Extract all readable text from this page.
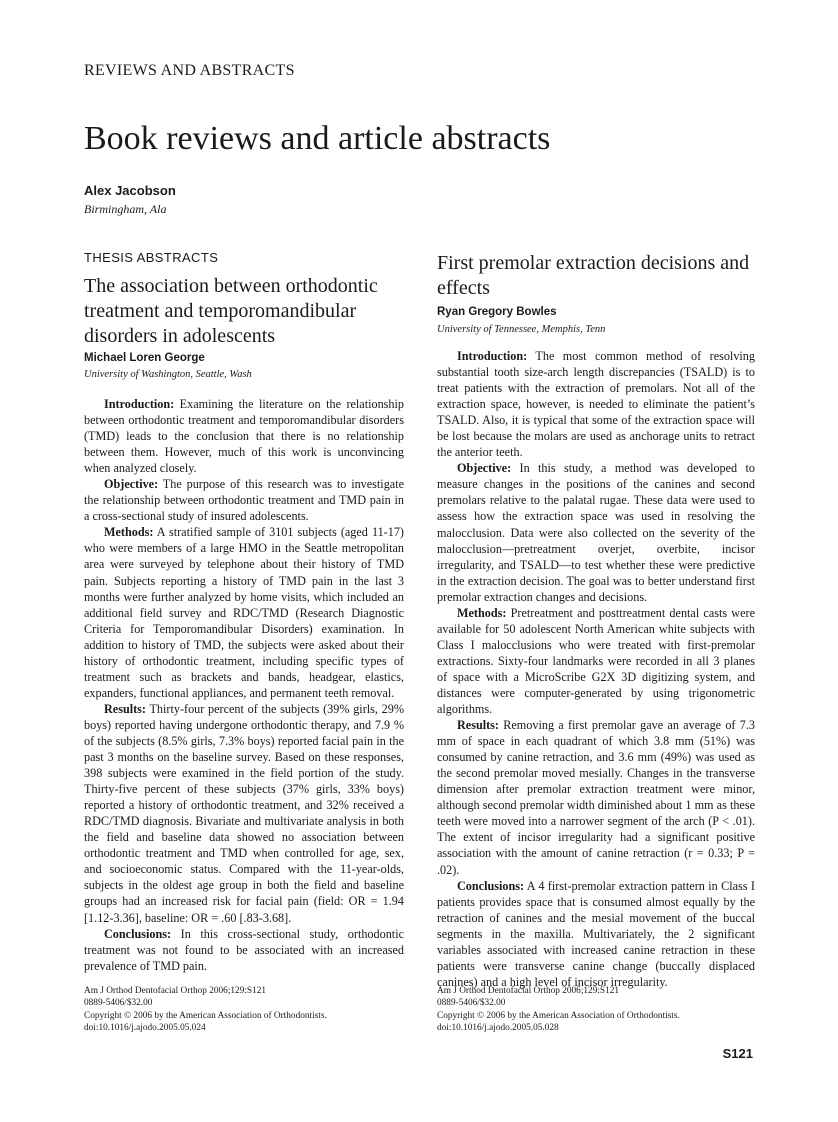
REVIEWS AND ABSTRACTS
Book reviews and article abstracts
Alex Jacobson
Birmingham, Ala
THESIS ABSTRACTS
The association between orthodontic treatment and temporomandibular disorders in adolescents
Michael Loren George
University of Washington, Seattle, Wash

Introduction: Examining the literature on the relationship between orthodontic treatment and temporomandibular disorders (TMD) leads to the conclusion that there is no relationship between them. However, much of this work is unconvincing when analyzed closely.

Objective: The purpose of this research was to investigate the relationship between orthodontic treatment and TMD pain in a cross-sectional study of insured adolescents.

Methods: A stratified sample of 3101 subjects (aged 11-17) who were members of a large HMO in the Seattle metropolitan area were surveyed by telephone about their history of TMD pain. Subjects reporting a history of TMD pain in the last 3 months were further analyzed by home visits, which included an additional field survey and RDC/TMD (Research Diagnostic Criteria for Temporomandibular Disorders) examination. In addition to history of TMD, the subjects were asked about their history of orthodontic treatment, including specific types of treatment such as brackets and bands, headgear, elastics, expanders, functional appliances, and permanent teeth removal.

Results: Thirty-four percent of the subjects (39% girls, 29% boys) reported having undergone orthodontic therapy, and 7.9 % of the subjects (8.5% girls, 7.3% boys) reported facial pain in the past 3 months on the baseline survey. Based on these responses, 398 subjects were examined in the field portion of the study. Thirty-five percent of these subjects (37% girls, 33% boys) reported a history of orthodontic treatment, and 32% received a RDC/TMD diagnosis. Bivariate and multivariate analysis in both the field and baseline data showed no association between orthodontic treatment and TMD when controlled for age, sex, and socioeconomic status. Compared with the 11-year-olds, subjects in the oldest age group in both the field and baseline groups had an increased risk for facial pain (field: OR = 1.94 [1.12-3.36], baseline: OR = .60 [.83-3.68].

Conclusions: In this cross-sectional study, orthodontic treatment was not found to be associated with an increased prevalence of TMD pain.

Am J Orthod Dentofacial Orthop 2006;129:S121
0889-5406/$32.00
Copyright © 2006 by the American Association of Orthodontists.
doi:10.1016/j.ajodo.2005.05.024
First premolar extraction decisions and effects
Ryan Gregory Bowles
University of Tennessee, Memphis, Tenn

Introduction: The most common method of resolving substantial tooth size-arch length discrepancies (TSALD) is to treat patients with the extraction of premolars. Not all of the extraction space, however, is needed to eliminate the patient’s TSALD. Also, it is typical that some of the extraction space will be lost because the molars are used as anchorage units to retract the anterior teeth.

Objective: In this study, a method was developed to measure changes in the positions of the canines and second premolars relative to the palatal rugae. These data were used to assess how the extraction space was used in resolving the malocclusion. Data were also collected on the severity of the malocclusion—pretreatment overjet, overbite, incisor irregularity, and TSALD—to test whether these were predictive in the extraction decision. The goal was to better understand first premolar extraction changes and decisions.

Methods: Pretreatment and posttreatment dental casts were available for 50 adolescent North American white subjects with Class I malocclusions who were treated with first-premolar extractions. Sixty-four landmarks were recorded in all 3 planes of space with a MicroScribe G2X 3D digitizing system, and distances were computer-generated by using trigonometric algorithms.

Results: Removing a first premolar gave an average of 7.3 mm of space in each quadrant of which 3.8 mm (51%) was consumed by canine retraction, and 3.6 mm (49%) was used as the second premolar moved mesially. Changes in the transverse dimension after premolar extraction treatment were minor, although second premolar width diminished about 1 mm as these teeth were moved into a narrower segment of the arch (P < .01). The extent of incisor irregularity had a significant positive association with the amount of canine retraction (r = 0.33; P = .02).

Conclusions: A 4 first-premolar extraction pattern in Class I patients provides space that is consumed almost equally by the retraction of canines and the mesial movement of the buccal segments in the maxilla. Multivariately, the 2 significant variables associated with increased canine retraction in these patients were transverse canine change (buccally displaced canines) and a high level of incisor irregularity.

Am J Orthod Dentofacial Orthop 2006;129:S121
0889-5406/$32.00
Copyright © 2006 by the American Association of Orthodontists.
doi:10.1016/j.ajodo.2005.05.028
S121
